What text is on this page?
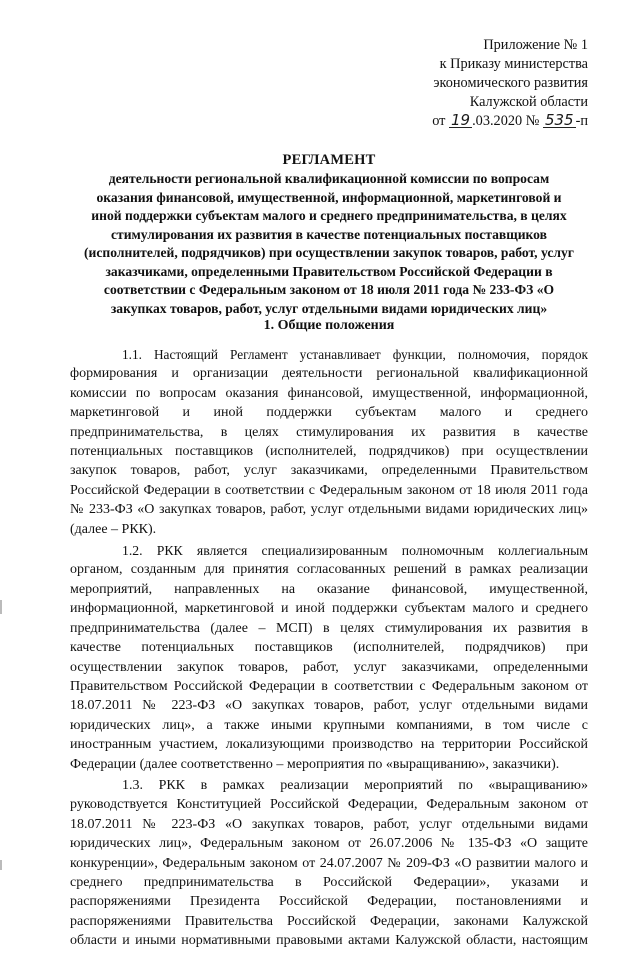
Приложение № 1
к Приказу министерства
экономического развития
Калужской области
от 19 .03.2020 № 535 -п
РЕГЛАМЕНТ
деятельности региональной квалификационной комиссии по вопросам
оказания финансовой, имущественной, информационной, маркетинговой и
иной поддержки субъектам малого и среднего предпринимательства, в целях
стимулирования их развития в качестве потенциальных поставщиков
(исполнителей, подрядчиков) при осуществлении закупок товаров, работ, услуг
заказчиками, определенными Правительством Российской Федерации в
соответствии с Федеральным законом от 18 июля 2011 года № 233-ФЗ «О
закупках товаров, работ, услуг отдельными видами юридических лиц»
1. Общие положения

1.1. Настоящий Регламент устанавливает функции, полномочия, порядок
формирования и организации деятельности региональной квалификационной
комиссии по вопросам оказания финансовой, имущественной, информационной,
маркетинговой и иной поддержки субъектам малого и среднего
предпринимательства, в целях стимулирования их развития в качестве
потенциальных поставщиков (исполнителей, подрядчиков) при осуществлении
закупок товаров, работ, услуг заказчиками, определенными Правительством
Российской Федерации в соответствии с Федеральным законом от 18 июля 2011 года
№ 233-ФЗ «О закупках товаров, работ, услуг отдельными видами юридических лиц»
(далее – РКК).

1.2. РКК является специализированным полномочным коллегиальным
органом, созданным для принятия согласованных решений в рамках реализации
мероприятий, направленных на оказание финансовой, имущественной,
информационной, маркетинговой и иной поддержки субъектам малого и среднего
предпринимательства (далее – МСП) в целях стимулирования их развития в
качестве потенциальных поставщиков (исполнителей, подрядчиков) при
осуществлении закупок товаров, работ, услуг заказчиками, определенными
Правительством Российской Федерации в соответствии с Федеральным законом от
18.07.2011 № 223-ФЗ «О закупках товаров, работ, услуг отдельными видами
юридических лиц», а также иными крупными компаниями, в том числе с
иностранным участием, локализующими производство на территории Российской
Федерации (далее соответственно – мероприятия по «выращиванию», заказчики).

1.3. РКК в рамках реализации мероприятий по «выращиванию»
руководствуется Конституцией Российской Федерации, Федеральным законом от
18.07.2011 № 223-ФЗ «О закупках товаров, работ, услуг отдельными видами
юридических лиц», Федеральным законом от 26.07.2006 № 135-ФЗ «О защите
конкуренции», Федеральным законом от 24.07.2007 № 209-ФЗ «О развитии малого и
среднего предпринимательства в Российской Федерации», указами и
распоряжениями Президента Российской Федерации, постановлениями и
распоряжениями Правительства Российской Федерации, законами Калужской
области и иными нормативными правовыми актами Калужской области, настоящим
